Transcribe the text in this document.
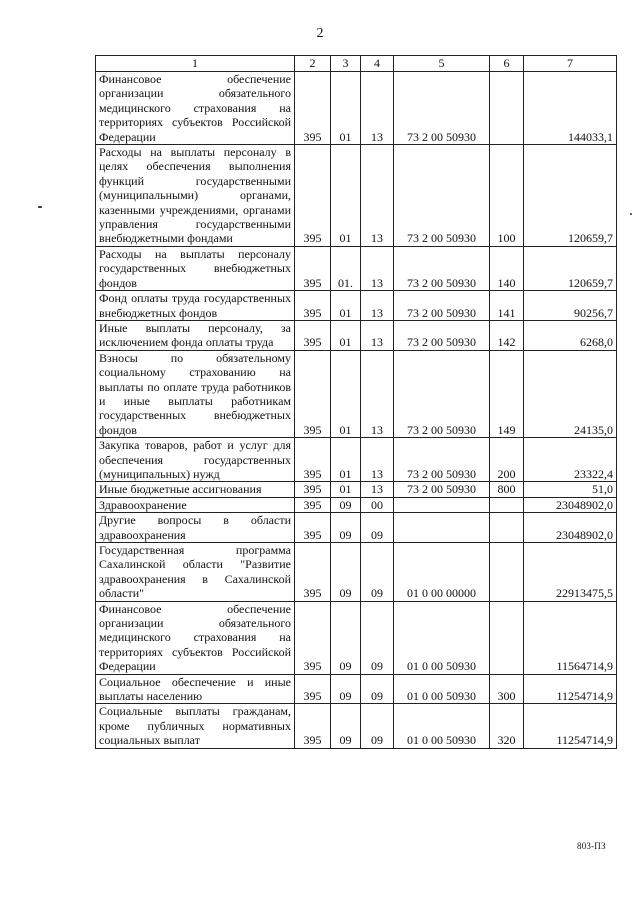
2
1	2	3	4	5	6	7
Финансовое обеспечение организации обязательного медицинского страхования на территориях субъектов Российской Федерации	395	01	13	73 2 00 50930		144033,1
Расходы на выплаты персоналу в целях обеспечения выполнения функций государственными (муниципальными) органами, казенными учреждениями, органами управления государственными внебюджетными фондами	395	01	13	73 2 00 50930	100	120659,7
Расходы на выплаты персоналу государственных внебюджетных фондов	395	01.	13	73 2 00 50930	140	120659,7
Фонд оплаты труда государственных внебюджетных фондов	395	01	13	73 2 00 50930	141	90256,7
Иные выплаты персоналу, за исключением фонда оплаты труда	395	01	13	73 2 00 50930	142	6268,0
Взносы по обязательному социальному страхованию на выплаты по оплате труда работников и иные выплаты работникам государственных внебюджетных фондов	395	01	13	73 2 00 50930	149	24135,0
Закупка товаров, работ и услуг для обеспечения государственных (муниципальных) нужд	395	01	13	73 2 00 50930	200	23322,4
Иные бюджетные ассигнования	395	01	13	73 2 00 50930	800	51,0
Здравоохранение	395	09	00			23048902,0
Другие вопросы в области здравоохранения	395	09	09			23048902,0
Государственная программа Сахалинской области "Развитие здравоохранения в Сахалинской области"	395	09	09	01 0 00 00000		22913475,5
Финансовое обеспечение организации обязательного медицинского страхования на территориях субъектов Российской Федерации	395	09	09	01 0 00 50930		11564714,9
Социальное обеспечение и иные выплаты населению	395	09	09	01 0 00 50930	300	11254714,9
Социальные выплаты гражданам, кроме публичных нормативных социальных выплат	395	09	09	01 0 00 50930	320	11254714,9
803-ПЗ
